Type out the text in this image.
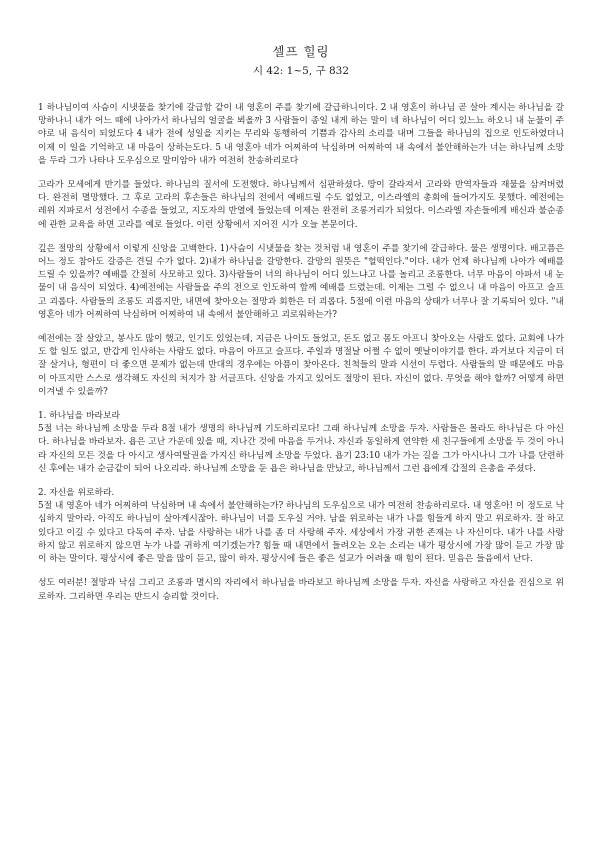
셀프 힐링
시 42: 1~5, 구 832

1 하나님이여 사슴이 시냇물을 찾기에 갈급함 같이 내 영혼이 주를 찾기에 갈급하니이다. 2 내 영혼이 하나님 곧 살아 계시는 하나님을 갈망하나니 내가 어느 때에 나아가서 하나님의 얼굴을 뵈올까 3 사람들이 종일 내게 하는 말이 네 하나님이 어디 있느뇨 하오니 내 눈물이 주야로 내 음식이 되었도다 4 내가 전에 성일을 지키는 무리와 동행하여 기쁨과 감사의 소리를 내며 그들을 하나님의 집으로 인도하였더니 이제 이 일을 기억하고 내 마음이 상하는도다. 5 내 영혼아 네가 어찌하여 낙심하며 어찌하여 내 속에서 불안해하는가 너는 하나님께 소망을 두라 그가 나타나 도우심으로 말미암아 내가 여전히 찬송하리로다

고라가 모세에게 반기를 들었다. 하나님의 질서에 도전했다. 하나님께서 심판하셨다. 땅이 갈라져서 고라와 반역자들과 재물을 삼켜버렸다. 완전히 멸망했다. 그 후로 고라의 후손들은 하나님의 전에서 예배드릴 수도 없었고, 이스라엘의 총회에 들어가지도 못했다. 예전에는 레위 지파로서 성전에서 수종을 들었고, 지도자의 반열에 들었는데 이제는 완전히 조롱거리가 되었다. 이스라엘 자손들에게 배신과 불순종에 관한 교육을 하면 고라를 예로 들었다. 이런 상황에서 지어진 시가 오늘 본문이다.

깊은 절망의 상황에서 이렇게 신앙을 고백한다. 1)사슴이 시냇물을 찾는 것처럼 내 영혼이 주를 찾기에 갈급하다. 물은 생명이다. 배고픔은 어느 정도 참아도 갈증은 견딜 수가 없다. 2)내가 하나님을 갈망한다. 갈망의 원뜻은 "헐떡인다."이다. 내가 언제 하나님께 나아가 예배를 드릴 수 있을까? 예배를 간절히 사모하고 있다. 3)사람들이 너의 하나님이 어디 있느냐고 나를 놀리고 조롱한다. 너무 마음이 아파서 내 눈물이 내 음식이 되었다. 4)예전에는 사람들을 주의 전으로 인도하여 함께 예배를 드렸는데. 이제는 그럴 수 없으니 내 마음이 아프고 슬프고 괴롭다. 사람들의 조롱도 괴롭지만, 내면에 찾아오는 절망과 회한은 더 괴롭다. 5절에 이런 마음의 상태가 너무나 잘 기록되어 있다. "내 영혼아 네가 어찌하여 낙심하며 어찌하여 내 속에서 불안해하고 괴로워하는가?

예전에는 잘 살았고, 봉사도 많이 했고, 인기도 있었는데, 지금은 나이도 들었고, 돈도 없고 몸도 아프니 찾아오는 사람도 없다. 교회에 나가도 할 일도 없고, 반갑게 인사하는 사람도 없다. 마음이 아프고 슬프다. 주일과 명절날 어쩔 수 없이 옛날이야기를 한다. 과거보다 지금이 더 잘 살거나, 형편이 더 좋으면 문제가 없는데 반대의 경우에는 아픔이 찾아온다. 친척들의 말과 시선이 두렵다. 사람들의 말 때문에도 마음이 아프지만 스스로 생각해도 자신의 처지가 참 서글프다. 신앙을 가지고 있어도 절망이 된다. 자신이 없다. 무엇을 해야 할까? 어떻게 하면 이겨낼 수 있을까?

1. 하나님을 바라보라

5절 너는 하나님께 소망을 두라 8절 내가 생명의 하나님께 기도하리로다! 그래 하나님께 소망을 두자. 사람들은 몰라도 하나님은 다 아신다. 하나님을 바라보자. 욥은 고난 가운데 있을 때, 지나간 것에 마음을 두거나. 자신과 동일하게 연약한 세 친구들에게 소망을 두 것이 아니라 자신의 모든 것을 다 아시고 생사여탈권을 가지신 하나님께 소망을 두었다. 욥기 23:10 내가 가는 길을 그가 아시나니 그가 나를 단련하신 후에는 내가 순금같이 되어 나오리라. 하나님께 소망을 둔 욥은 하나님을 만났고, 하나님께서 그런 욥에게 갑절의 은총을 주셨다.

2. 자신을 위로하라.

5절 내 영혼아 네가 어찌하여 낙심하며 내 속에서 불안해하는가? 하나님의 도우심으로 내가 여전히 찬송하리로다. 내 영혼아! 이 정도로 낙심하지 말아라. 아직도 하나님이 살아계시잖아. 하나님이 너를 도우실 거야. 남을 위로하는 내가 나를 힘들게 하지 말고 위로하자. 잘 하고 있다고 이길 수 있다고 다독여 주자. 남을 사랑하는 내가 나를 좀 더 사랑해 주자. 세상에서 가장 귀한 존재는 나 자신이다. 내가 나를 사랑하지 않고 위로하지 않으면 누가 나를 귀하게 여기겠는가? 힘들 때 내면에서 들려오는 오는 소리는 내가 평상시에 가장 많이 듣고 가장 많이 하는 말이다. 평상시에 좋은 말을 많이 듣고, 많이 하자. 평상시에 들은 좋은 설교가 어려울 때 힘이 된다. 믿음은 들음에서 난다.

성도 여러분! 절망과 낙심 그리고 조롱과 멸시의 자리에서 하나님을 바라보고 하나님께 소망을 두자. 자신을 사랑하고 자신을 진심으로 위로하자. 그리하면 우리는 반드시 승리할 것이다.
